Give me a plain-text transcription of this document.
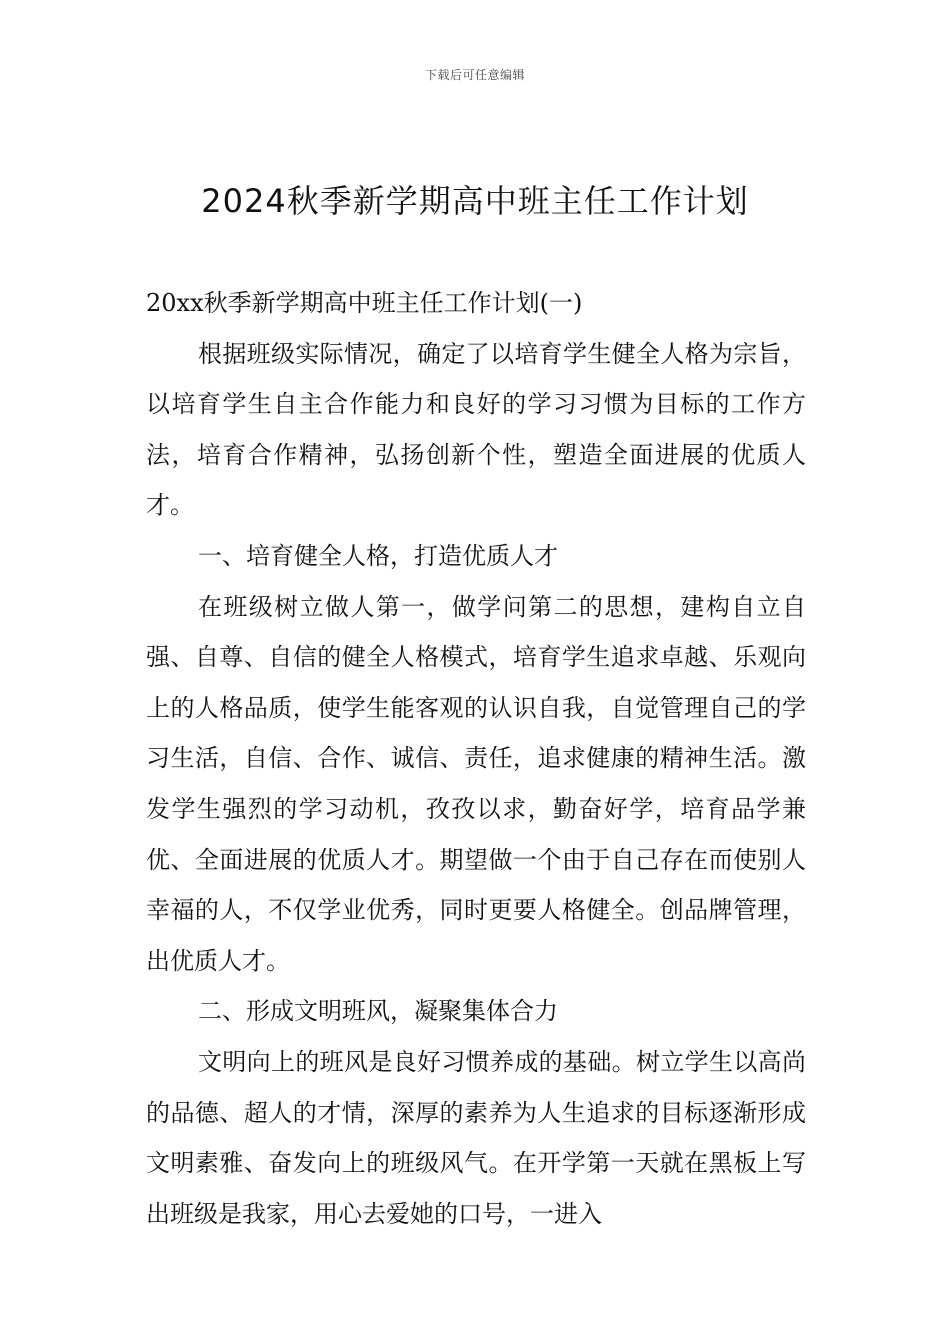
下载后可任意编辑
2024秋季新学期高中班主任工作计划

20xx秋季新学期高中班主任工作计划(一)

根据班级实际情况，确定了以培育学生健全人格为宗旨，以培育学生自主合作能力和良好的学习习惯为目标的工作方法，培育合作精神，弘扬创新个性，塑造全面进展的优质人才。

一、培育健全人格，打造优质人才

在班级树立做人第一，做学问第二的思想，建构自立自强、自尊、自信的健全人格模式，培育学生追求卓越、乐观向上的人格品质，使学生能客观的认识自我，自觉管理自己的学习生活，自信、合作、诚信、责任，追求健康的精神生活。激发学生强烈的学习动机，孜孜以求，勤奋好学，培育品学兼优、全面进展的优质人才。期望做一个由于自己存在而使别人幸福的人，不仅学业优秀，同时更要人格健全。创品牌管理，出优质人才。

二、形成文明班风，凝聚集体合力

文明向上的班风是良好习惯养成的基础。树立学生以高尚的品德、超人的才情，深厚的素养为人生追求的目标逐渐形成文明素雅、奋发向上的班级风气。在开学第一天就在黑板上写出班级是我家，用心去爱她的口号，一进入
